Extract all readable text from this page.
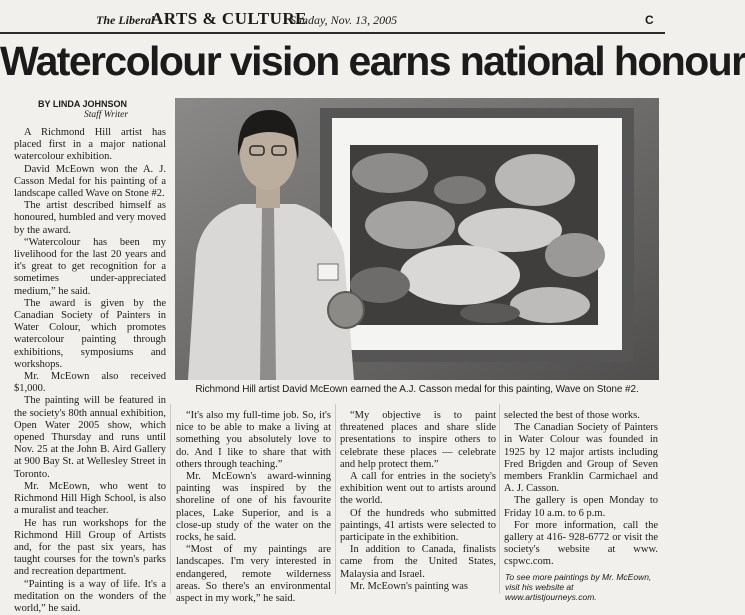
The Liberal
ARTS & CULTURE
Sunday, Nov. 13, 2005	C
Watercolour vision earns national honour
BY LINDA JOHNSON
Staff Writer

A Richmond Hill artist has placed first in a major national watercolour exhibition.

David McEown won the A. J. Casson Medal for his painting of a landscape called Wave on Stone #2.

The artist described himself as honoured, humbled and very moved by the award.

“Watercolour has been my livelihood for the last 20 years and it's great to get recognition for a sometimes under-appreciated medium,” he said.

The award is given by the Canadian Society of Painters in Water Colour, which promotes watercolour painting through exhibitions, symposiums and workshops.

Mr. McEown also received $1,000.

The painting will be featured in the society's 80th annual exhibition, Open Water 2005 show, which opened Thursday and runs until Nov. 25 at the John B. Aird Gallery at 900 Bay St. at Wellesley Street in Toronto.

Mr. McEown, who went to Richmond Hill High School, is also a muralist and teacher.

He has run workshops for the Richmond Hill Group of Artists and, for the past six years, has taught courses for the town's parks and recreation department.

“Painting is a way of life. It's a meditation on the wonders of the world,” he said.

Richmond Hill artist David McEown earned the A.J. Casson medal for this painting, Wave on Stone #2.

“It's also my full-time job. So, it's nice to be able to make a living at something you absolutely love to do. And I like to share that with others through teaching.”

Mr. McEown's award-winning painting was inspired by the shoreline of one of his favourite places, Lake Superior, and is a close-up study of the water on the rocks, he said.

“Most of my paintings are landscapes. I'm very interested in endangered, remote wilderness areas. So there's an environmental aspect in my work,” he said.

“My objective is to paint threatened places and share slide presentations to inspire others to celebrate these places — celebrate and help protect them.”

A call for entries in the society's exhibition went out to artists around the world.

Of the hundreds who submitted paintings, 41 artists were selected to participate in the exhibition.

In addition to Canada, finalists came from the United States, Malaysia and Israel.

Mr. McEown's painting was

selected the best of those works.

The Canadian Society of Painters in Water Colour was founded in 1925 by 12 major artists including Fred Brigden and Group of Seven members Franklin Carmichael and A. J. Casson.

The gallery is open Monday to Friday 10 a.m. to 6 p.m.

For more information, call the gallery at 416- 928-6772 or visit the society's website at www. cspwc.com.

To see more paintings by Mr. McEown,
visit his website at www.artistjourneys.com.
